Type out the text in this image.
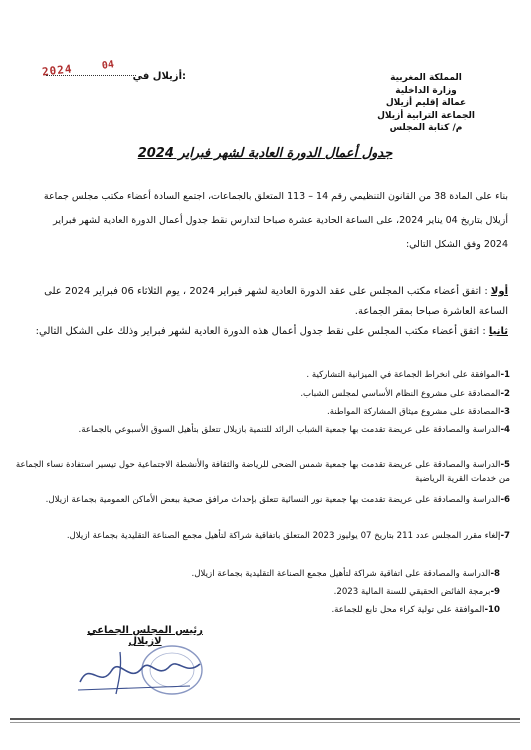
المملكة المغربية
وزارة الداخلية
عمالة إقليم أزيلال
الجماعة الترابية أزيلال
م/ كتابة المجلس
أزيلال في:
2024	04
جدول أعمال الدورة العادية لشهر فبراير 2024
بناء على المادة 38 من القانون التنظيمي رقم 14 – 113 المتعلق بالجماعات، اجتمع السادة أعضاء مكتب مجلس جماعة أزيلال بتاريخ 04 يناير 2024، على الساعة الحادية عشرة صباحا لتدارس نقط جدول أعمال الدورة العادية لشهر فبراير 2024 وفق الشكل التالي:
أولا : اتفق أعضاء مكتب المجلس على عقد الدورة العادية لشهر فبراير 2024 ، يوم الثلاثاء 06 فبراير 2024 على الساعة العاشرة صباحا بمقر الجماعة.
ثانيا : اتفق أعضاء مكتب المجلس على نقط جدول أعمال هذه الدورة العادية لشهر فبراير وذلك على الشكل التالي:
1-الموافقة على انخراط الجماعة في الميزانية التشاركية .
2-المصادقة على مشروع النظام الأساسي لمجلس الشباب.
3-المصادقة على مشروع ميثاق المشاركة المواطنة.
4-الدراسة والمصادقة على عريضة تقدمت بها جمعية الشباب الرائد للتنمية بازيلال تتعلق بتأهيل السوق الأسبوعي بالجماعة.
5-الدراسة والمصادقة على عريضة تقدمت بها جمعية شمس الضحى للرياضة والثقافة والأنشطة الاجتماعية حول تيسير استفادة نساء الجماعة من خدمات القرية الرياضية
6-الدراسة والمصادقة على عريضة تقدمت بها جمعية نور النسائية تتعلق بإحداث مرافق صحية ببعض الأماكن العمومية بجماعة ازيلال.
7-إلغاء مقرر المجلس عدد 211 بتاريخ 07 يوليوز 2023 المتعلق باتفاقية شراكة لتأهيل مجمع الصناعة التقليدية بجماعة ازيلال.
8-الدراسة والمصادقة على اتفاقية شراكة لتأهيل مجمع الصناعة التقليدية بجماعة ازيلال.
9-برمجة الفائض الحقيقي للسنة المالية 2023.
10-الموافقة على تولية كراء محل تابع للجماعة.
رئيس المجلس الجماعي لازيلال
